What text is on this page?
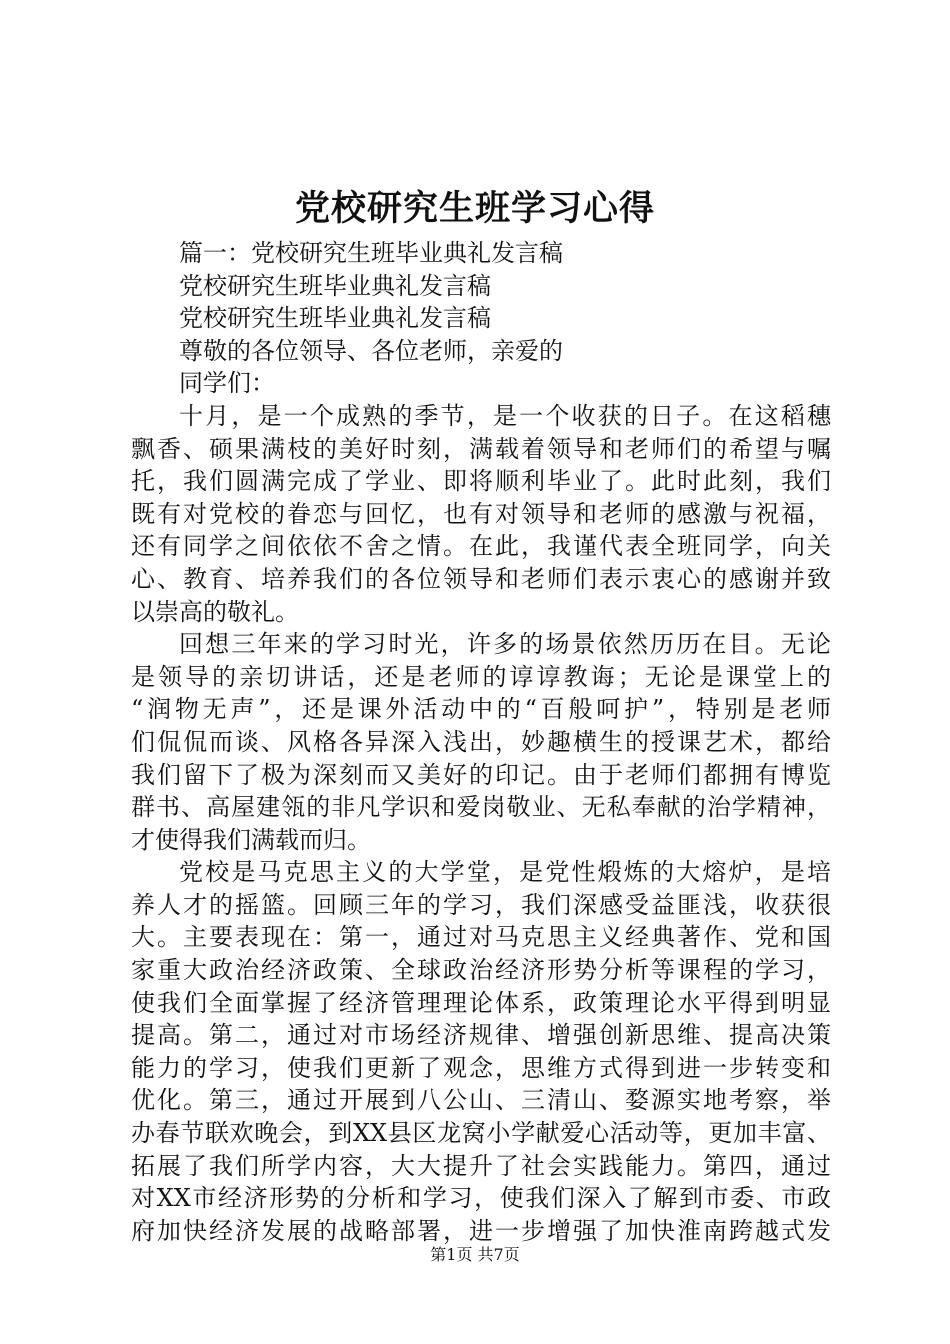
党校研究生班学习心得
篇一：党校研究生班毕业典礼发言稿
党校研究生班毕业典礼发言稿
党校研究生班毕业典礼发言稿
尊敬的各位领导、各位老师，亲爱的
同学们：
十月，是一个成熟的季节，是一个收获的日子。在这稻穗
飘香、硕果满枝的美好时刻，满载着领导和老师们的希望与嘱
托，我们圆满完成了学业、即将顺利毕业了。此时此刻，我们
既有对党校的眷恋与回忆，也有对领导和老师的感激与祝福，
还有同学之间依依不舍之情。在此，我谨代表全班同学，向关
心、教育、培养我们的各位领导和老师们表示衷心的感谢并致
以崇高的敬礼。
回想三年来的学习时光，许多的场景依然历历在目。无论
是领导的亲切讲话，还是老师的谆谆教诲；无论是课堂上的
“润物无声”，还是课外活动中的“百般呵护”，特别是老师
们侃侃而谈、风格各异深入浅出，妙趣横生的授课艺术，都给
我们留下了极为深刻而又美好的印记。由于老师们都拥有博览
群书、高屋建瓴的非凡学识和爱岗敬业、无私奉献的治学精神，
才使得我们满载而归。
党校是马克思主义的大学堂，是党性煅炼的大熔炉，是培
养人才的摇篮。回顾三年的学习，我们深感受益匪浅，收获很
大。主要表现在：第一，通过对马克思主义经典著作、党和国
家重大政治经济政策、全球政治经济形势分析等课程的学习，
使我们全面掌握了经济管理理论体系，政策理论水平得到明显
提高。第二，通过对市场经济规律、增强创新思维、提高决策
能力的学习，使我们更新了观念，思维方式得到进一步转变和
优化。第三，通过开展到八公山、三清山、婺源实地考察，举
办春节联欢晚会，到XX县区龙窝小学献爱心活动等，更加丰富、
拓展了我们所学内容，大大提升了社会实践能力。第四，通过
对XX市经济形势的分析和学习，使我们深入了解到市委、市政
府加快经济发展的战略部署，进一步增强了加快淮南跨越式发
第1页 共7页
